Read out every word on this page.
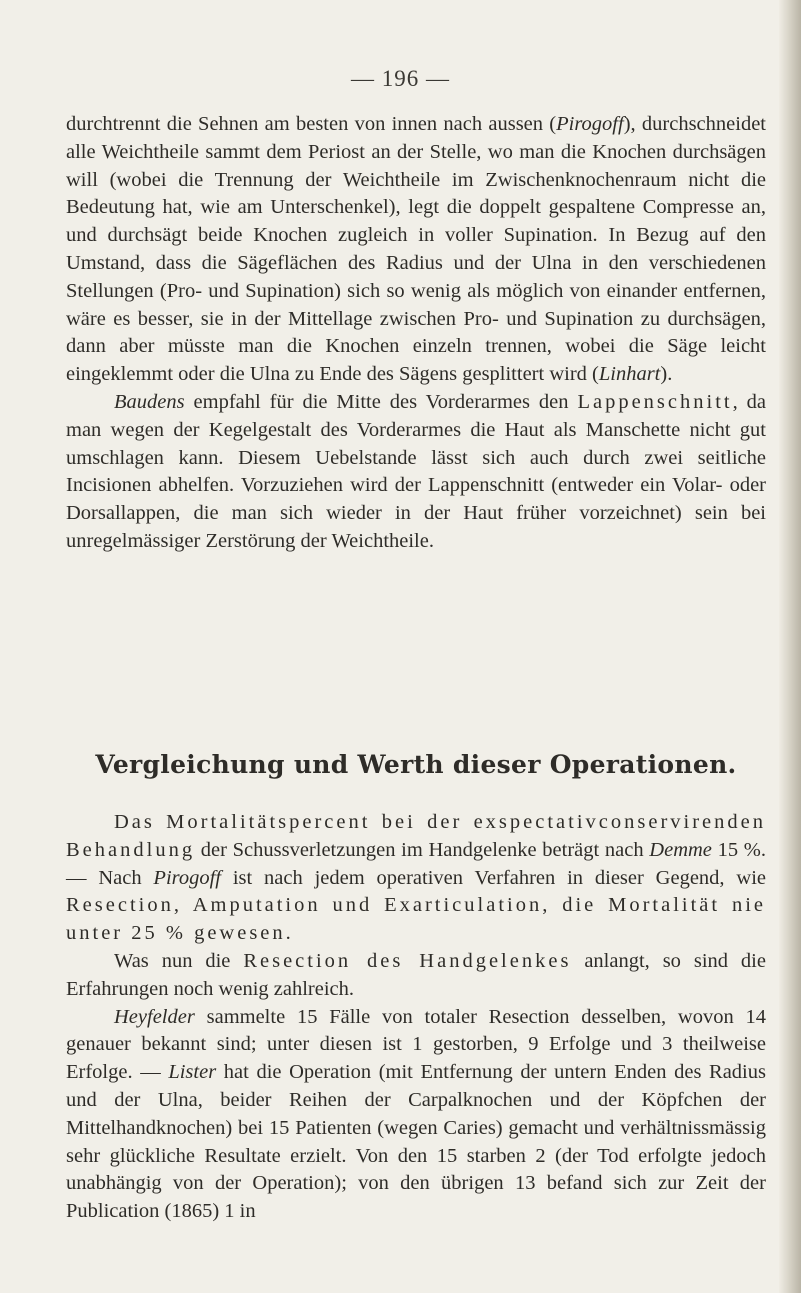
— 196 —

durchtrennt die Sehnen am besten von innen nach aussen (Pirogoff), durchschneidet alle Weichtheile sammt dem Periost an der Stelle, wo man die Knochen durchsägen will (wobei die Trennung der Weichtheile im Zwischenknochenraum nicht die Bedeutung hat, wie am Unterschenkel), legt die doppelt gespaltene Compresse an, und durchsägt beide Knochen zugleich in voller Supination. In Bezug auf den Umstand, dass die Sägeflächen des Radius und der Ulna in den verschiedenen Stellungen (Pro- und Supination) sich so wenig als möglich von einander entfernen, wäre es besser, sie in der Mittellage zwischen Pro- und Supination zu durchsägen, dann aber müsste man die Knochen einzeln trennen, wobei die Säge leicht eingeklemmt oder die Ulna zu Ende des Sägens gesplittert wird (Linhart).

Baudens empfahl für die Mitte des Vorderarmes den Lappenschnitt, da man wegen der Kegelgestalt des Vorderarmes die Haut als Manschette nicht gut umschlagen kann. Diesem Uebelstande lässt sich auch durch zwei seitliche Incisionen abhelfen. Vorzuziehen wird der Lappenschnitt (entweder ein Volar- oder Dorsallappen, die man sich wieder in der Haut früher vorzeichnet) sein bei unregelmässiger Zerstörung der Weichtheile.

Vergleichung und Werth dieser Operationen.

Das Mortalitätspercent bei der exspectativconservirenden Behandlung der Schussverletzungen im Handgelenke beträgt nach Demme 15 %. — Nach Pirogoff ist nach jedem operativen Verfahren in dieser Gegend, wie Resection, Amputation und Exarticulation, die Mortalität nie unter 25 % gewesen.

Was nun die Resection des Handgelenkes anlangt, so sind die Erfahrungen noch wenig zahlreich.

Heyfelder sammelte 15 Fälle von totaler Resection desselben, wovon 14 genauer bekannt sind; unter diesen ist 1 gestorben, 9 Erfolge und 3 theilweise Erfolge. — Lister hat die Operation (mit Entfernung der untern Enden des Radius und der Ulna, beider Reihen der Carpalknochen und der Köpfchen der Mittelhandknochen) bei 15 Patienten (wegen Caries) gemacht und verhältnissmässig sehr glückliche Resultate erzielt. Von den 15 starben 2 (der Tod erfolgte jedoch unabhängig von der Operation); von den übrigen 13 befand sich zur Zeit der Publication (1865) 1 in
